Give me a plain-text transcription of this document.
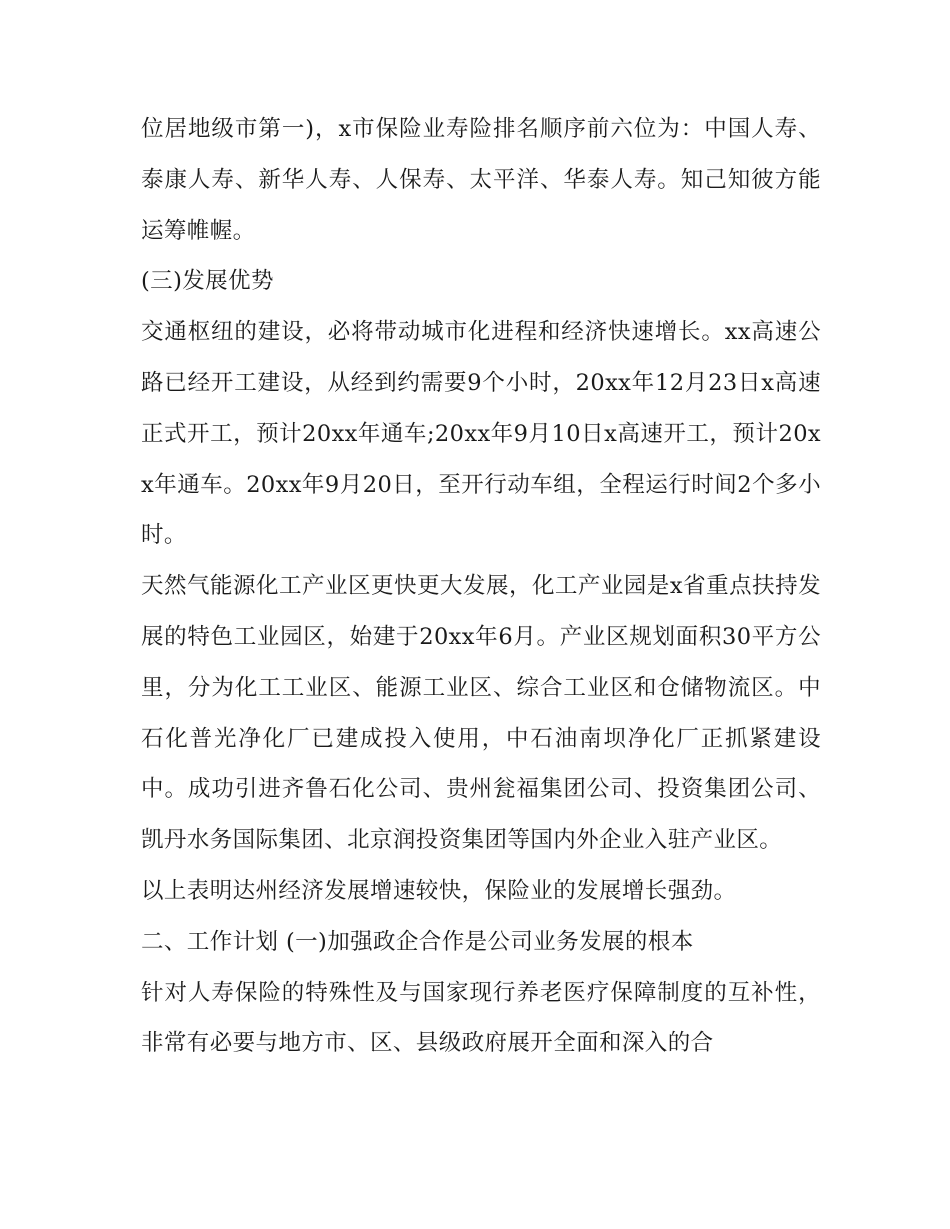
位居地级市第一)，x市保险业寿险排名顺序前六位为：中国人寿、泰康人寿、新华人寿、人保寿、太平洋、华泰人寿。知己知彼方能运筹帷幄。

(三)发展优势

交通枢纽的建设，必将带动城市化进程和经济快速增长。xx高速公路已经开工建设，从经到约需要9个小时，20xx年12月23日x高速正式开工，预计20xx年通车;20xx年9月10日x高速开工，预计20xx年通车。20xx年9月20日，至开行动车组，全程运行时间2个多小时。

天然气能源化工产业区更快更大发展，化工产业园是x省重点扶持发展的特色工业园区，始建于20xx年6月。产业区规划面积30平方公里，分为化工工业区、能源工业区、综合工业区和仓储物流区。中石化普光净化厂已建成投入使用，中石油南坝净化厂正抓紧建设中。成功引进齐鲁石化公司、贵州瓮福集团公司、投资集团公司、凯丹水务国际集团、北京润投资集团等国内外企业入驻产业区。

以上表明达州经济发展增速较快，保险业的发展增长强劲。

二、工作计划 (一)加强政企合作是公司业务发展的根本

针对人寿保险的特殊性及与国家现行养老医疗保障制度的互补性，非常有必要与地方市、区、县级政府展开全面和深入的合
